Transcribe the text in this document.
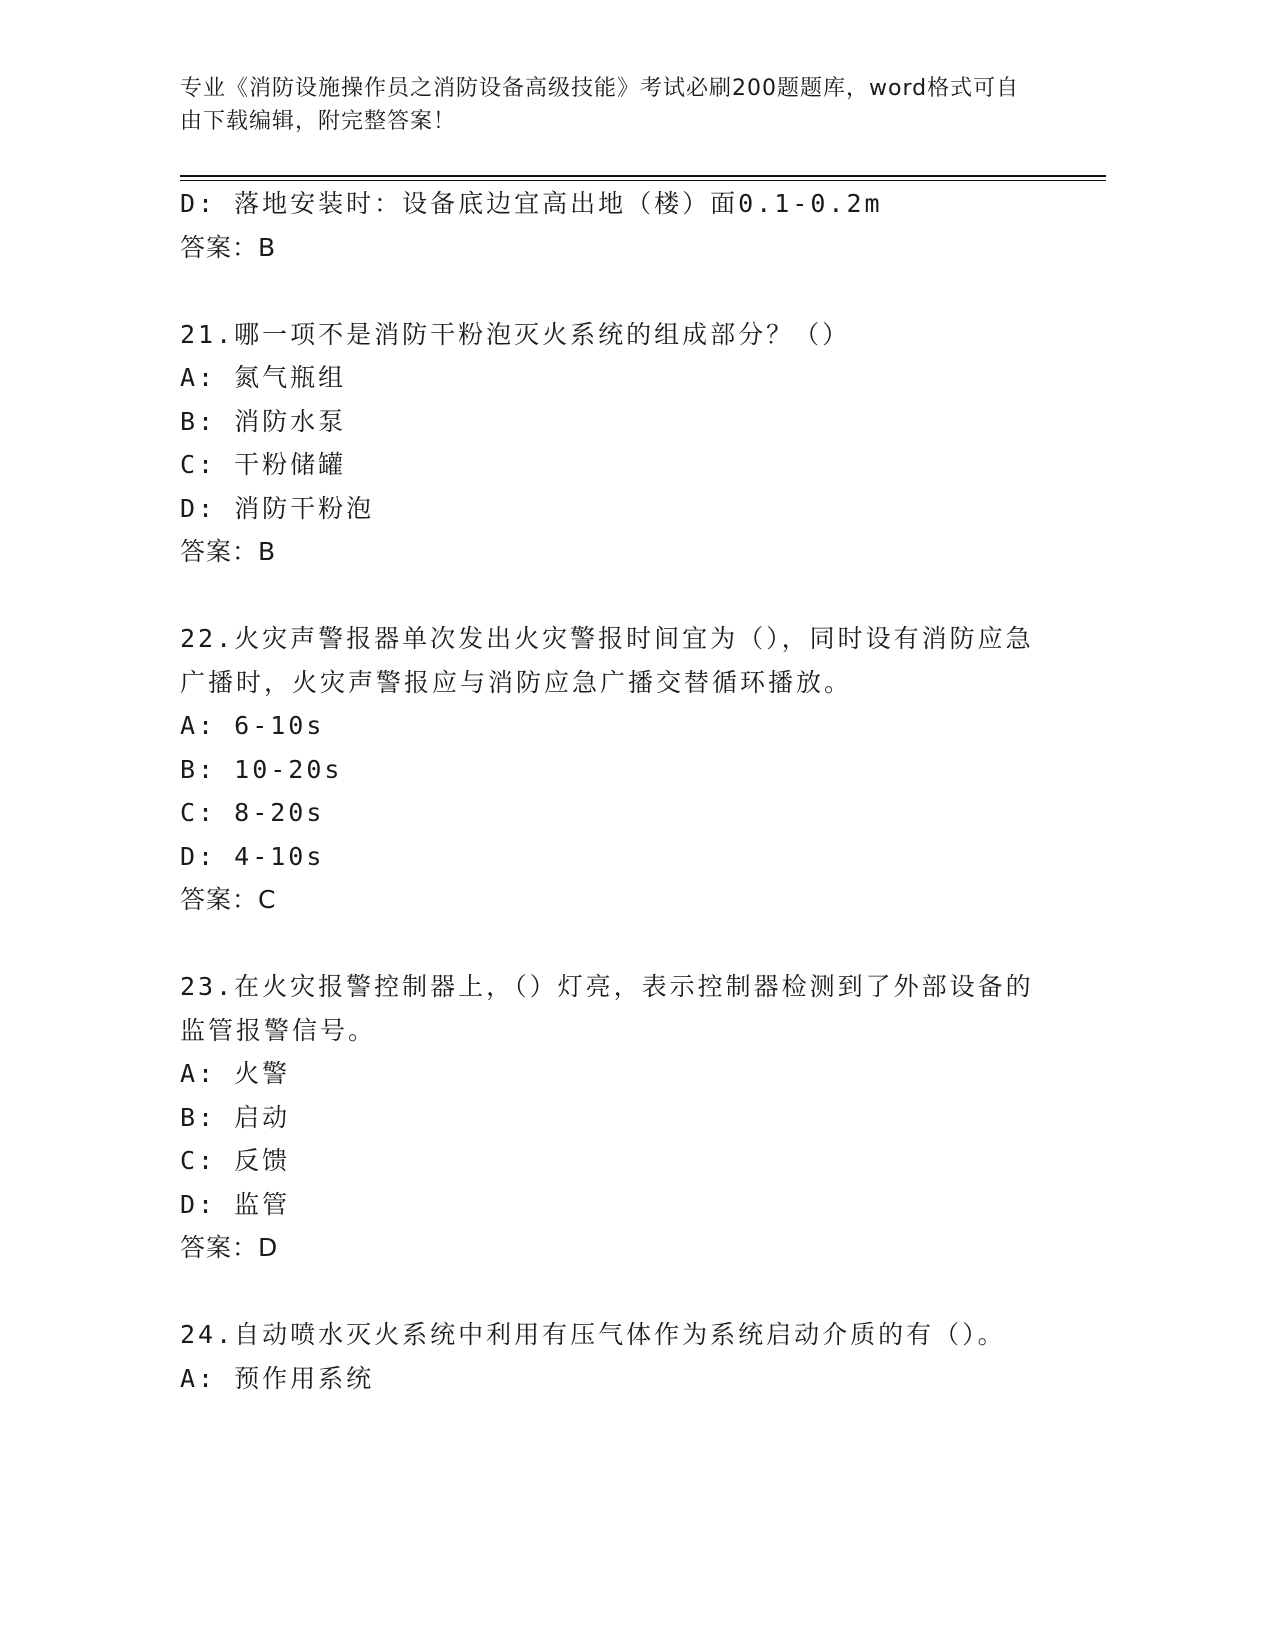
专业《消防设施操作员之消防设备高级技能》考试必刷200题题库，word格式可自由下载编辑，附完整答案！
D: 落地安装时：设备底边宜高出地（楼）面0.1-0.2m
答案：B
21.哪一项不是消防干粉泡灭火系统的组成部分？（）
A: 氮气瓶组
B: 消防水泵
C: 干粉储罐
D: 消防干粉泡
答案：B
22.火灾声警报器单次发出火灾警报时间宜为（），同时设有消防应急广播时，火灾声警报应与消防应急广播交替循环播放。
A: 6-10s
B: 10-20s
C: 8-20s
D: 4-10s
答案：C
23.在火灾报警控制器上，（）灯亮，表示控制器检测到了外部设备的监管报警信号。
A: 火警
B: 启动
C: 反馈
D: 监管
答案：D
24.自动喷水灭火系统中利用有压气体作为系统启动介质的有（）。
A: 预作用系统
